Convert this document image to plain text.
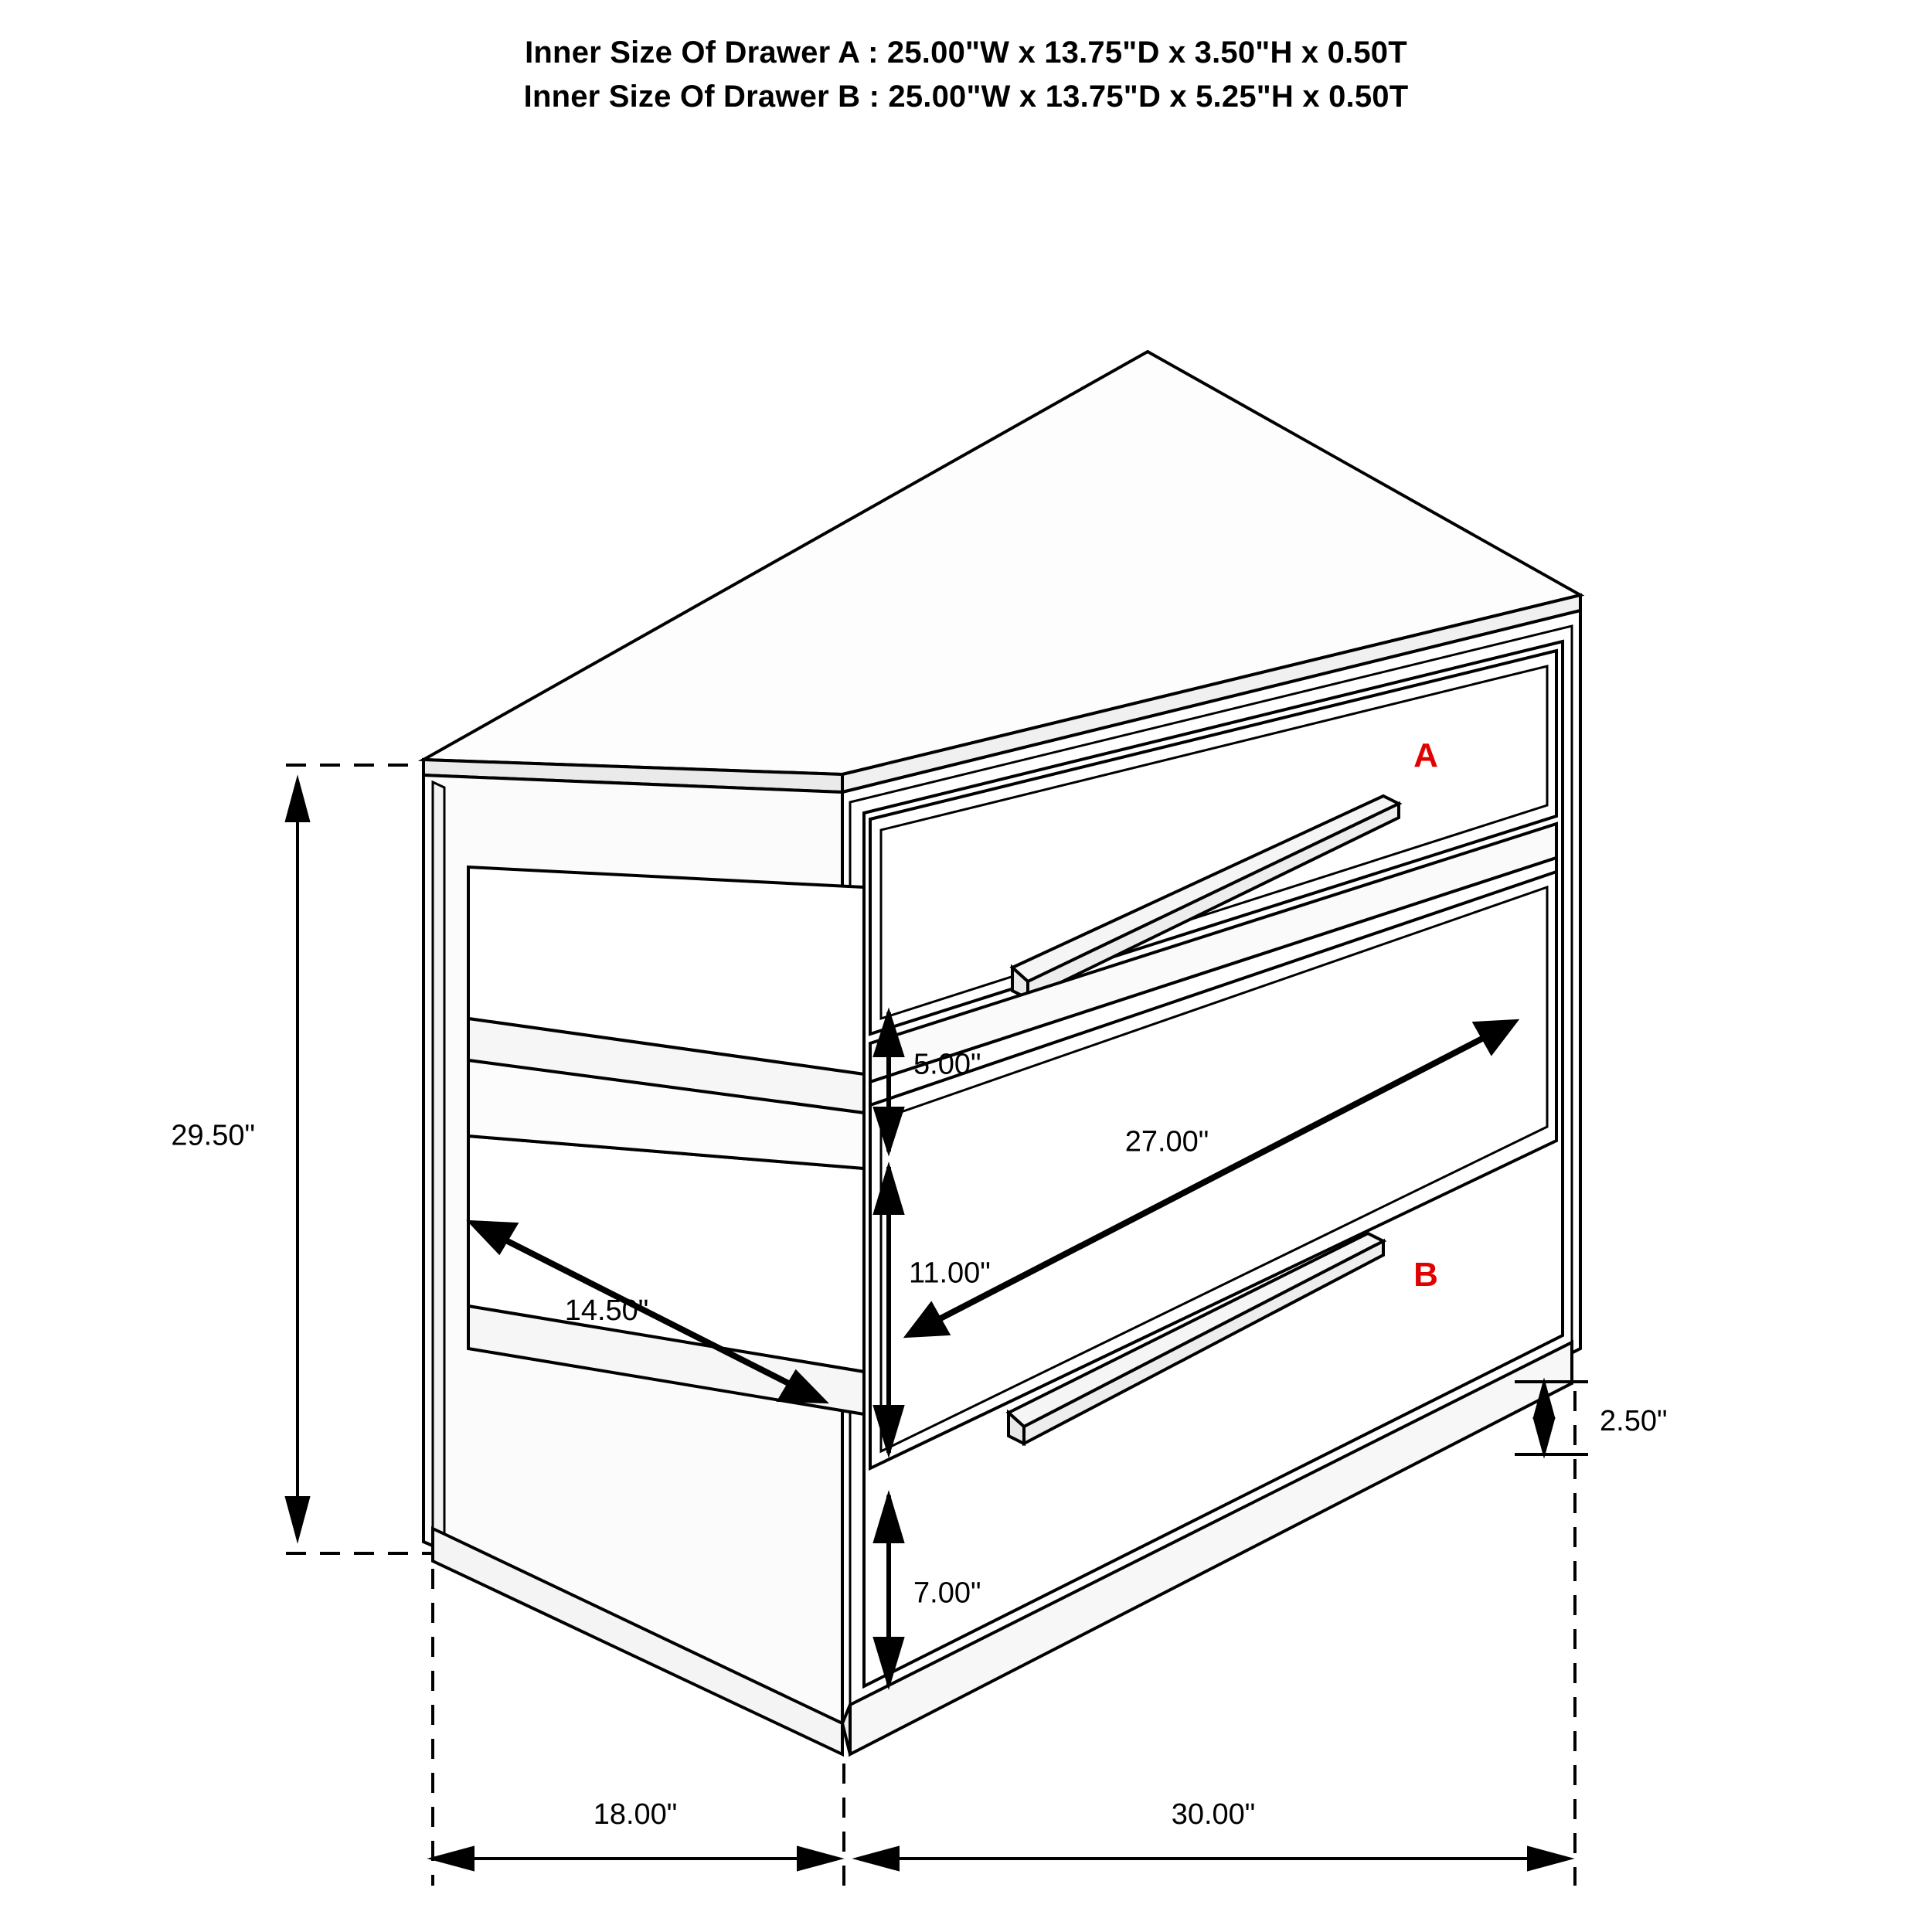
Inner Size Of Drawer A : 25.00"W x 13.75"D x 3.50"H x 0.50T
Inner Size Of Drawer B : 25.00"W x 13.75"D x 5.25"H x 0.50T
29.50"
18.00"	30.00"
2.50"
5.00"
11.00"
7.00"
14.50"
27.00"
A
B
